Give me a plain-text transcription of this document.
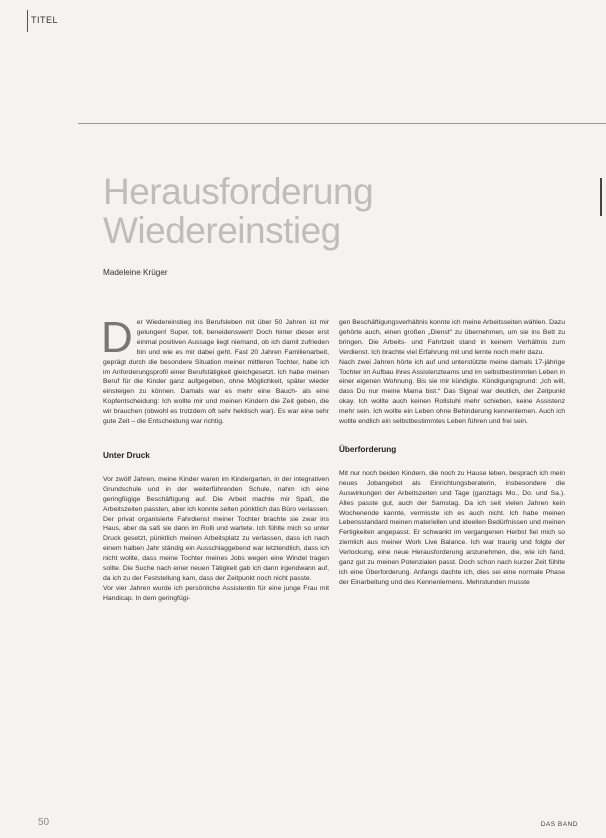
TITEL
Herausforderung
Wiedereinstieg
Madeleine Krüger

Der Wiedereinstieg ins Berufsleben mit über 50 Jahren ist mir gelungen! Super, toll, beneidenswert! Doch hinter dieser erst einmal positiven Aussage liegt niemand, ob ich damit zufrieden bin und wie es mir dabei geht. Fast 20 Jahren Familienarbeit, geprägt durch die besondere Situation meiner mittleren Tochter, habe ich im Anforderungsprofil einer Berufstätigkeit gleichgesetzt. Ich habe meinen Beruf für die Kinder ganz aufgegeben, ohne Möglichkeit, später wieder einsteigen zu können. Damals war es mehr eine Bauch- als eine Kopfentscheidung: Ich wollte mir und meinen Kindern die Zeit geben, die wir brauchen (obwohl es trotzdem oft sehr hektisch war). Es war eine sehr gute Zeit – die Entscheidung war richtig.

Unter Druck

Vor zwölf Jahren, meine Kinder waren im Kindergarten, in der integrativen Grundschule und in der weiterführenden Schule, nahm ich eine geringfügige Beschäftigung auf. Die Arbeit machte mir Spaß, die Arbeitszeiten passten, aber ich konnte selten pünktlich das Büro verlassen. Der privat organisierte Fahrdienst meiner Tochter brachte sie zwar ins Haus, aber da saß sie dann im Rolli und wartete. Ich fühlte mich so unter Druck gesetzt, pünktlich meinen Arbeitsplatz zu verlassen, dass ich nach einem halben Jahr ständig ein Ausschlaggebend war letztendlich, dass ich nicht wollte, dass meine Tochter meines Jobs wegen eine Windel tragen sollte. Die Suche nach einer neuen Tätigkeit gab ich dann irgendwann auf, da ich zu der Feststellung kam, dass der Zeitpunkt noch nicht passte.

Vor vier Jahren wurde ich persönliche Assistentin für eine junge Frau mit Handicap. In dem geringfügi-

gen Beschäftigungsverhältnis konnte ich meine Arbeitsseiten wählen. Dazu gehörte auch, einen großen „Dienst“ zu übernehmen, um sie ins Bett zu bringen. Die Arbeits- und Fahrtzeit stand in keinem Verhältnis zum Verdienst. Ich brachte viel Erfahrung mit und lernte noch mehr dazu.

Nach zwei Jahren hörte ich auf und unterstützte meine damals 17-jährige Tochter im Aufbau ihres Assistenzteams und im selbstbestimmten Leben in einer eigenen Wohnung. Bis sie mir kündigte. Kündigungsgrund: „Ich will, dass Du nur meine Mama bist.“ Das Signal war deutlich, der Zeitpunkt okay. Ich wollte auch keinen Rollstuhl mehr schieben, keine Assistenz mehr sein. Ich wollte ein Leben ohne Behinderung kennenlernen. Auch ich wollte endlich ein selbstbestimmtes Leben führen und frei sein.

Überforderung

Mit nur noch beiden Kindern, die noch zu Hause leben, besprach ich mein neues Jobangebot als Einrichtungsberaterin, insbesondere die Auswirkungen der Arbeitszeiten und Tage (ganztags Mo., Do. und Sa.). Alles passte gut, auch der Samstag. Da ich seit vielen Jahren kein Wochenende kannte, vermisste ich es auch nicht. Ich habe meinen Lebensstandard meinen materiellen und ideellen Bedürfnissen und meinen Fertigkeiten angepasst. Er schwankt im vergangenen Herbst fiel mich so ziemlich aus meiner Work Live Balance. Ich war traurig und folgte der Verlockung, eine neue Herausforderung anzunehmen, die, wie ich fand, ganz gut zu meinen Potenzialen passt. Doch schon nach kurzer Zeit fühlte ich eine Überforderung. Anfangs dachte ich, dies sei eine normale Phase der Einarbeitung und des Kennenlernens. Mehrstunden musste

50	DAS BAND
